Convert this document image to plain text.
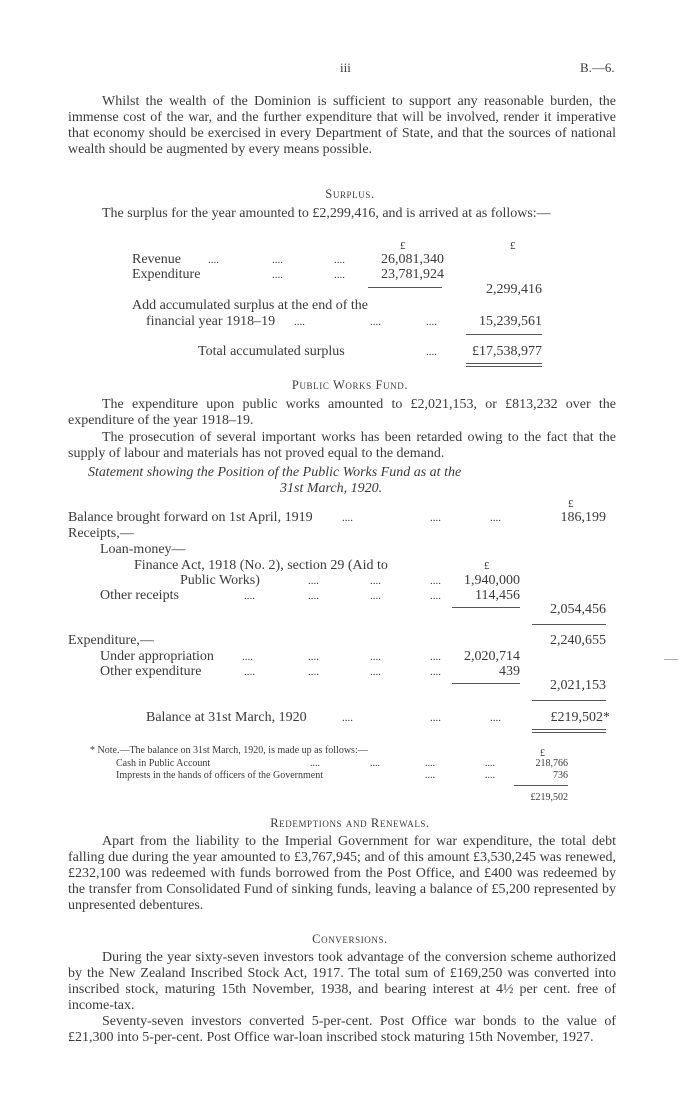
iii	B.—6.

Whilst the wealth of the Dominion is sufficient to support any reasonable burden, the immense cost of the war, and the further expenditure that will be involved, render it imperative that economy should be exercised in every Department of State, and that the sources of national wealth should be augmented by every means possible.

Surplus.

The surplus for the year amounted to £2,299,416, and is arrived at as follows:—

£	£
Revenue ....	....	....	26,081,340
Expenditure	....	....	23,781,924
2,299,416
Add accumulated surplus at the end of the
financial year 1918–19 ....	....	....	15,239,561
Total accumulated surplus	....	£17,538,977
Public Works Fund.

The expenditure upon public works amounted to £2,021,153, or £813,232 over the expenditure of the year 1918–19.

The prosecution of several important works has been retarded owing to the fact that the supply of labour and materials has not proved equal to the demand.

Statement showing the Position of the Public Works Fund as at the
31st March, 1920.
£
Balance brought forward on 1st April, 1919	....	....	....	186,199
Receipts,—
Loan-money—
Finance Act, 1918 (No. 2), section 29 (Aid to	£
Public Works)	....	....	....	1,940,000
Other receipts	....	....	....	....	114,456
2,054,456
Expenditure,—	2,240,655
Under appropriation	....	....	....	....	2,020,714
Other expenditure	....	....	....	....	439
2,021,153
Balance at 31st March, 1920	....	....	....	£219,502*
* Note.—The balance on 31st March, 1920, is made up as follows:—	£
Cash in Public Account	....	....	....	....	218,766
Imprests in the hands of officers of the Government	....	....	736
£219,502
Redemptions and Renewals.

Apart from the liability to the Imperial Government for war expenditure, the total debt falling due during the year amounted to £3,767,945; and of this amount £3,530,245 was renewed, £232,100 was redeemed with funds borrowed from the Post Office, and £400 was redeemed by the transfer from Consolidated Fund of sinking funds, leaving a balance of £5,200 represented by unpresented debentures.

Conversions.

During the year sixty-seven investors took advantage of the conversion scheme authorized by the New Zealand Inscribed Stock Act, 1917. The total sum of £169,250 was converted into inscribed stock, maturing 15th November, 1938, and bearing interest at 4½ per cent. free of income-tax.

Seventy-seven investors converted 5-per-cent. Post Office war bonds to the value of £21,300 into 5-per-cent. Post Office war-loan inscribed stock maturing 15th November, 1927.
